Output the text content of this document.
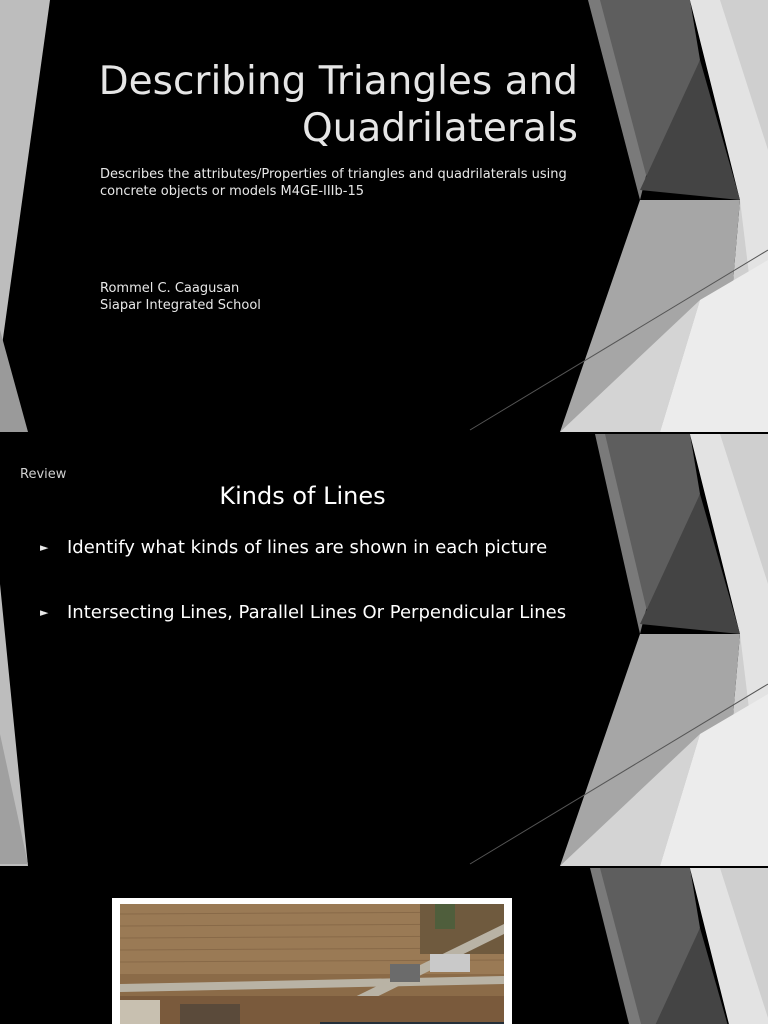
Describing Triangles and
Quadrilaterals

Describes the attributes/Properties of triangles and quadrilaterals using
concrete objects or models M4GE-IIIb-15

Rommel C. Caagusan
Siapar Integrated School
Review
Kinds of Lines
► Identify what kinds of lines are shown in each picture
► Intersecting Lines, Parallel Lines Or Perpendicular Lines
